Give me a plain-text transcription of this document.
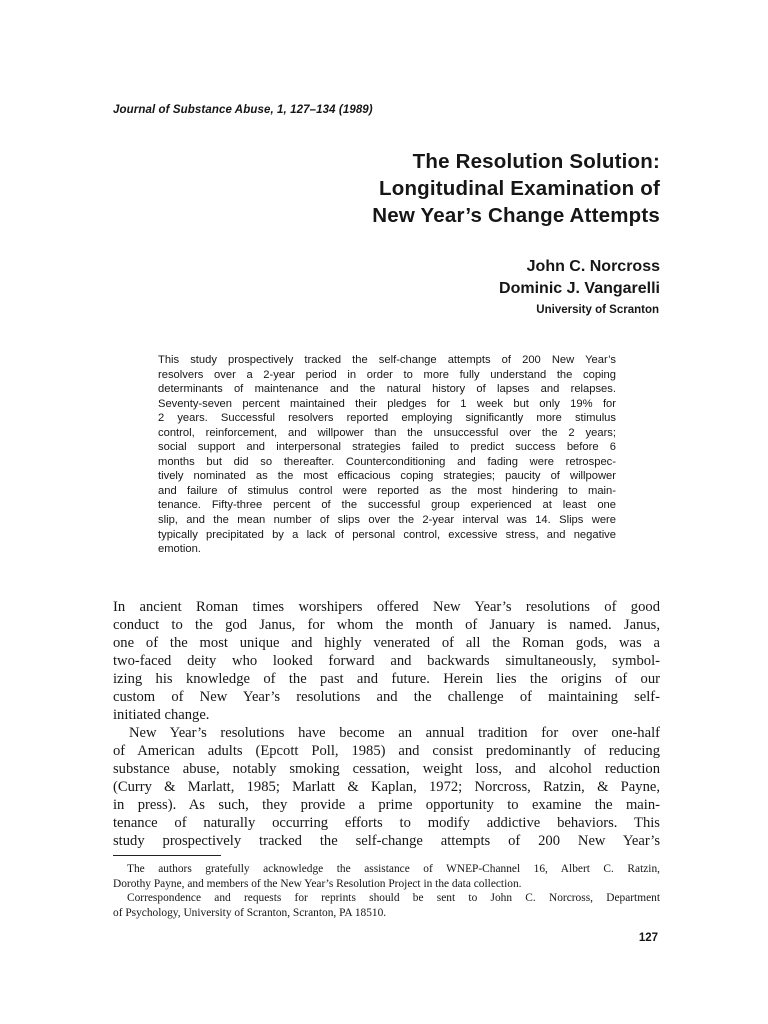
Journal of Substance Abuse, 1, 127–134 (1989)
The Resolution Solution:
Longitudinal Examination of
New Year’s Change Attempts
John C. Norcross
Dominic J. Vangarelli
University of Scranton
This study prospectively tracked the self-change attempts of 200 New Year’s
resolvers over a 2-year period in order to more fully understand the coping
determinants of maintenance and the natural history of lapses and relapses.
Seventy-seven percent maintained their pledges for 1 week but only 19% for
2 years. Successful resolvers reported employing significantly more stimulus
control, reinforcement, and willpower than the unsuccessful over the 2 years;
social support and interpersonal strategies failed to predict success before 6
months but did so thereafter. Counterconditioning and fading were retrospec-
tively nominated as the most efficacious coping strategies; paucity of willpower
and failure of stimulus control were reported as the most hindering to main-
tenance. Fifty-three percent of the successful group experienced at least one
slip, and the mean number of slips over the 2-year interval was 14. Slips were
typically precipitated by a lack of personal control, excessive stress, and negative
emotion.
In ancient Roman times worshipers offered New Year’s resolutions of good
conduct to the god Janus, for whom the month of January is named. Janus,
one of the most unique and highly venerated of all the Roman gods, was a
two-faced deity who looked forward and backwards simultaneously, symbol-
izing his knowledge of the past and future. Herein lies the origins of our
custom of New Year’s resolutions and the challenge of maintaining self-
initiated change.
New Year’s resolutions have become an annual tradition for over one-half
of American adults (Epcott Poll, 1985) and consist predominantly of reducing
substance abuse, notably smoking cessation, weight loss, and alcohol reduction
(Curry & Marlatt, 1985; Marlatt & Kaplan, 1972; Norcross, Ratzin, & Payne,
in press). As such, they provide a prime opportunity to examine the main-
tenance of naturally occurring efforts to modify addictive behaviors. This
study prospectively tracked the self-change attempts of 200 New Year’s
The authors gratefully acknowledge the assistance of WNEP-Channel 16, Albert C. Ratzin,
Dorothy Payne, and members of the New Year’s Resolution Project in the data collection.
Correspondence and requests for reprints should be sent to John C. Norcross, Department
of Psychology, University of Scranton, Scranton, PA 18510.
127
